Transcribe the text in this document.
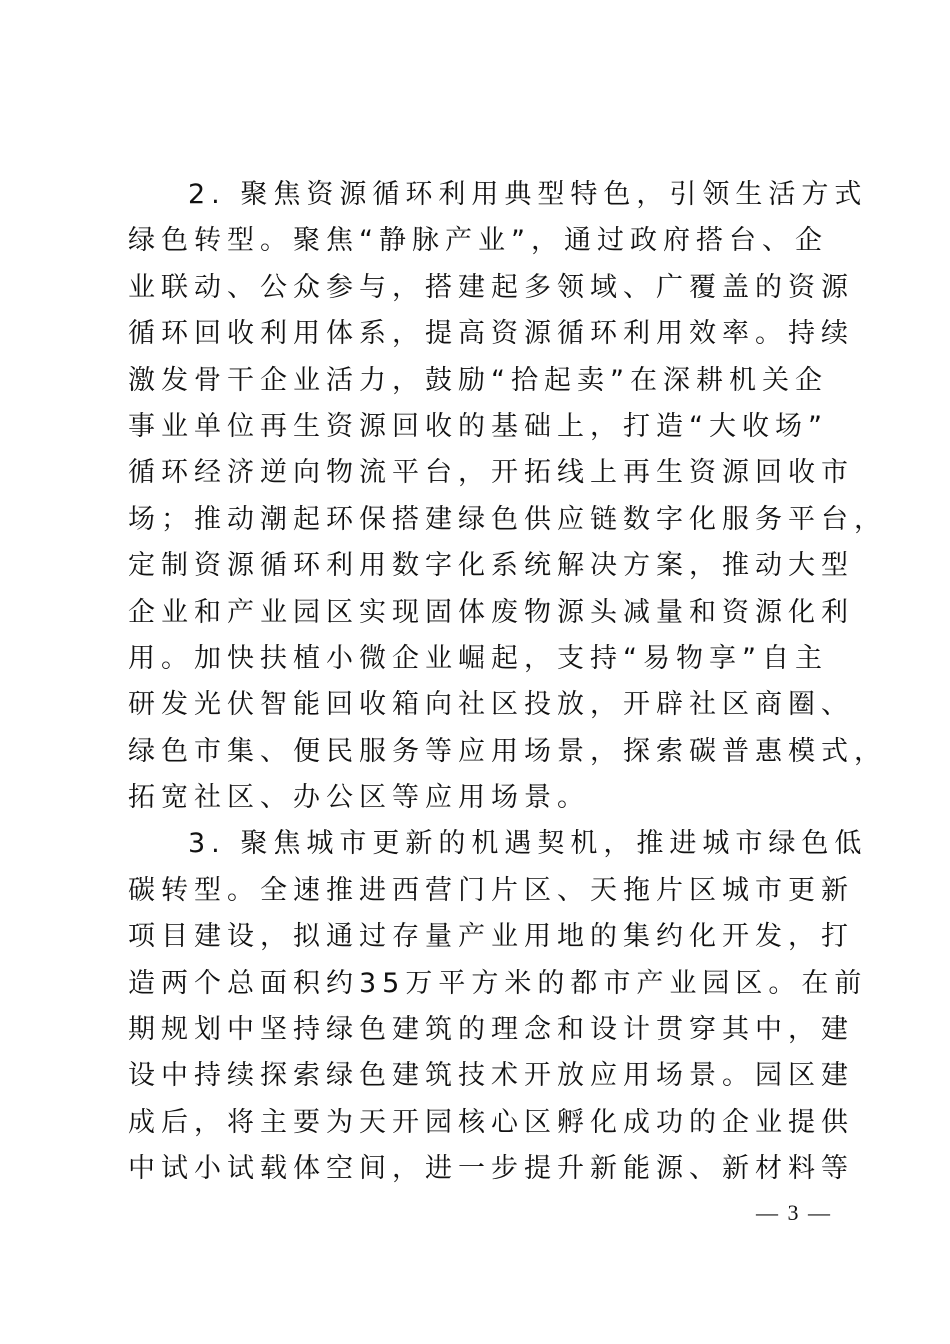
2. 聚焦资源循环利用典型特色，引领生活方式
绿色转型。聚焦“静脉产业”，通过政府搭台、企
业联动、公众参与，搭建起多领域、广覆盖的资源
循环回收利用体系，提高资源循环利用效率。持续
激发骨干企业活力，鼓励“拾起卖”在深耕机关企
事业单位再生资源回收的基础上，打造“大收场”
循环经济逆向物流平台，开拓线上再生资源回收市
场；推动潮起环保搭建绿色供应链数字化服务平台，
定制资源循环利用数字化系统解决方案，推动大型
企业和产业园区实现固体废物源头减量和资源化利
用。加快扶植小微企业崛起，支持“易物享”自主
研发光伏智能回收箱向社区投放，开辟社区商圈、
绿色市集、便民服务等应用场景，探索碳普惠模式，
拓宽社区、办公区等应用场景。
3. 聚焦城市更新的机遇契机，推进城市绿色低
碳转型。全速推进西营门片区、天拖片区城市更新
项目建设，拟通过存量产业用地的集约化开发，打
造两个总面积约35万平方米的都市产业园区。在前
期规划中坚持绿色建筑的理念和设计贯穿其中，建
设中持续探索绿色建筑技术开放应用场景。园区建
成后，将主要为天开园核心区孵化成功的企业提供
中试小试载体空间，进一步提升新能源、新材料等
— 3 —
